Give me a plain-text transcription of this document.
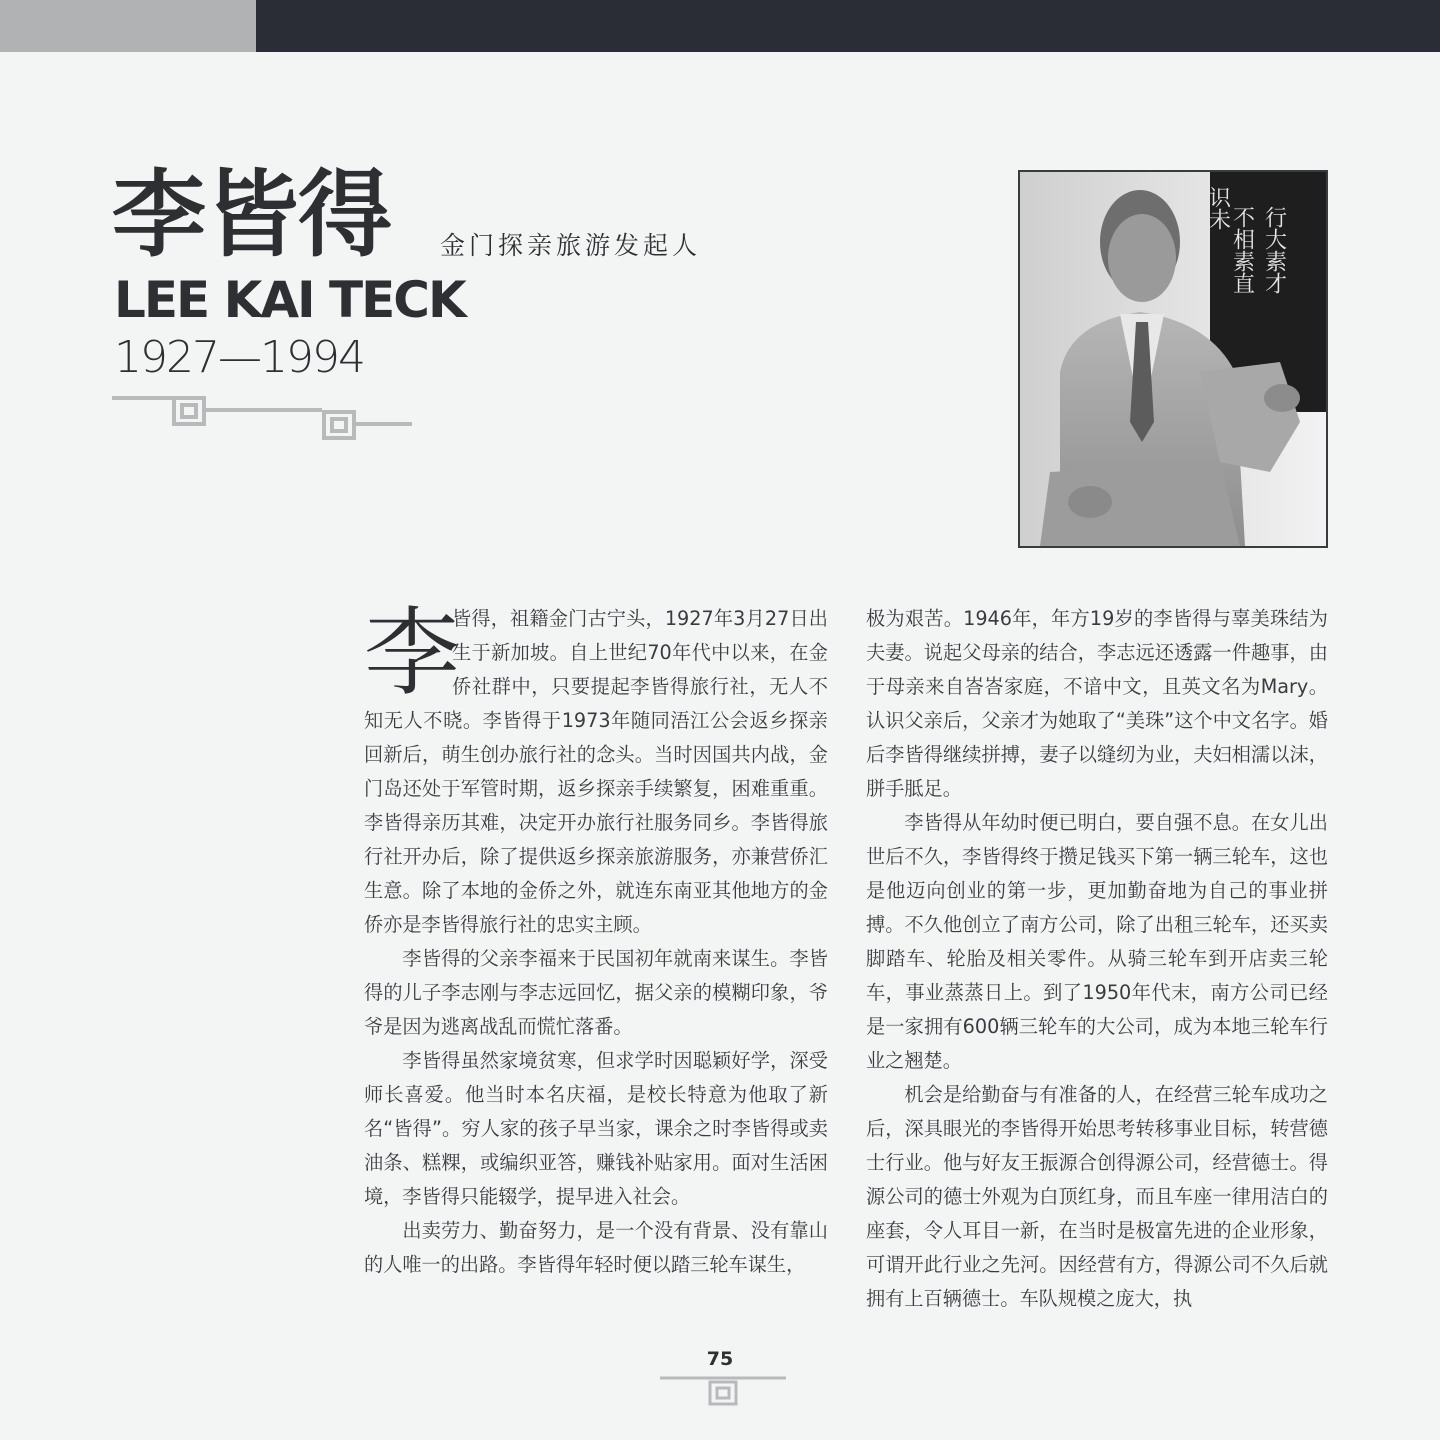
李皆得 金门探亲旅游发起人
LEE KAI TECK
1927—1994
行大素才
不相素直
识未
李

皆得，祖籍金门古宁头，1927年3月27日出生于新加坡。自上世纪70年代中以来，在金侨社群中，只要提起李皆得旅行社，无人不知无人不晓。李皆得于1973年随同浯江公会返乡探亲回新后，萌生创办旅行社的念头。当时因国共内战，金门岛还处于军管时期，返乡探亲手续繁复，困难重重。李皆得亲历其难，决定开办旅行社服务同乡。李皆得旅行社开办后，除了提供返乡探亲旅游服务，亦兼营侨汇生意。除了本地的金侨之外，就连东南亚其他地方的金侨亦是李皆得旅行社的忠实主顾。

李皆得的父亲李福来于民国初年就南来谋生。李皆得的儿子李志刚与李志远回忆，据父亲的模糊印象，爷爷是因为逃离战乱而慌忙落番。

李皆得虽然家境贫寒，但求学时因聪颖好学，深受师长喜爱。他当时本名庆福，是校长特意为他取了新名“皆得”。穷人家的孩子早当家，课余之时李皆得或卖油条、糕粿，或编织亚答，赚钱补贴家用。面对生活困境，李皆得只能辍学，提早进入社会。

出卖劳力、勤奋努力，是一个没有背景、没有靠山的人唯一的出路。李皆得年轻时便以踏三轮车谋生，

极为艰苦。1946年，年方19岁的李皆得与辜美珠结为夫妻。说起父母亲的结合，李志远还透露一件趣事，由于母亲来自峇峇家庭，不谙中文，且英文名为Mary。认识父亲后，父亲才为她取了“美珠”这个中文名字。婚后李皆得继续拼搏，妻子以缝纫为业，夫妇相濡以沫，胼手胝足。

李皆得从年幼时便已明白，要自强不息。在女儿出世后不久，李皆得终于攒足钱买下第一辆三轮车，这也是他迈向创业的第一步，更加勤奋地为自己的事业拼搏。不久他创立了南方公司，除了出租三轮车，还买卖脚踏车、轮胎及相关零件。从骑三轮车到开店卖三轮车，事业蒸蒸日上。到了1950年代末，南方公司已经是一家拥有600辆三轮车的大公司，成为本地三轮车行业之翘楚。

机会是给勤奋与有准备的人，在经营三轮车成功之后，深具眼光的李皆得开始思考转移事业目标，转营德士行业。他与好友王振源合创得源公司，经营德士。得源公司的德士外观为白顶红身，而且车座一律用洁白的座套，令人耳目一新，在当时是极富先进的企业形象，可谓开此行业之先河。因经营有方，得源公司不久后就拥有上百辆德士。车队规模之庞大，执

75
